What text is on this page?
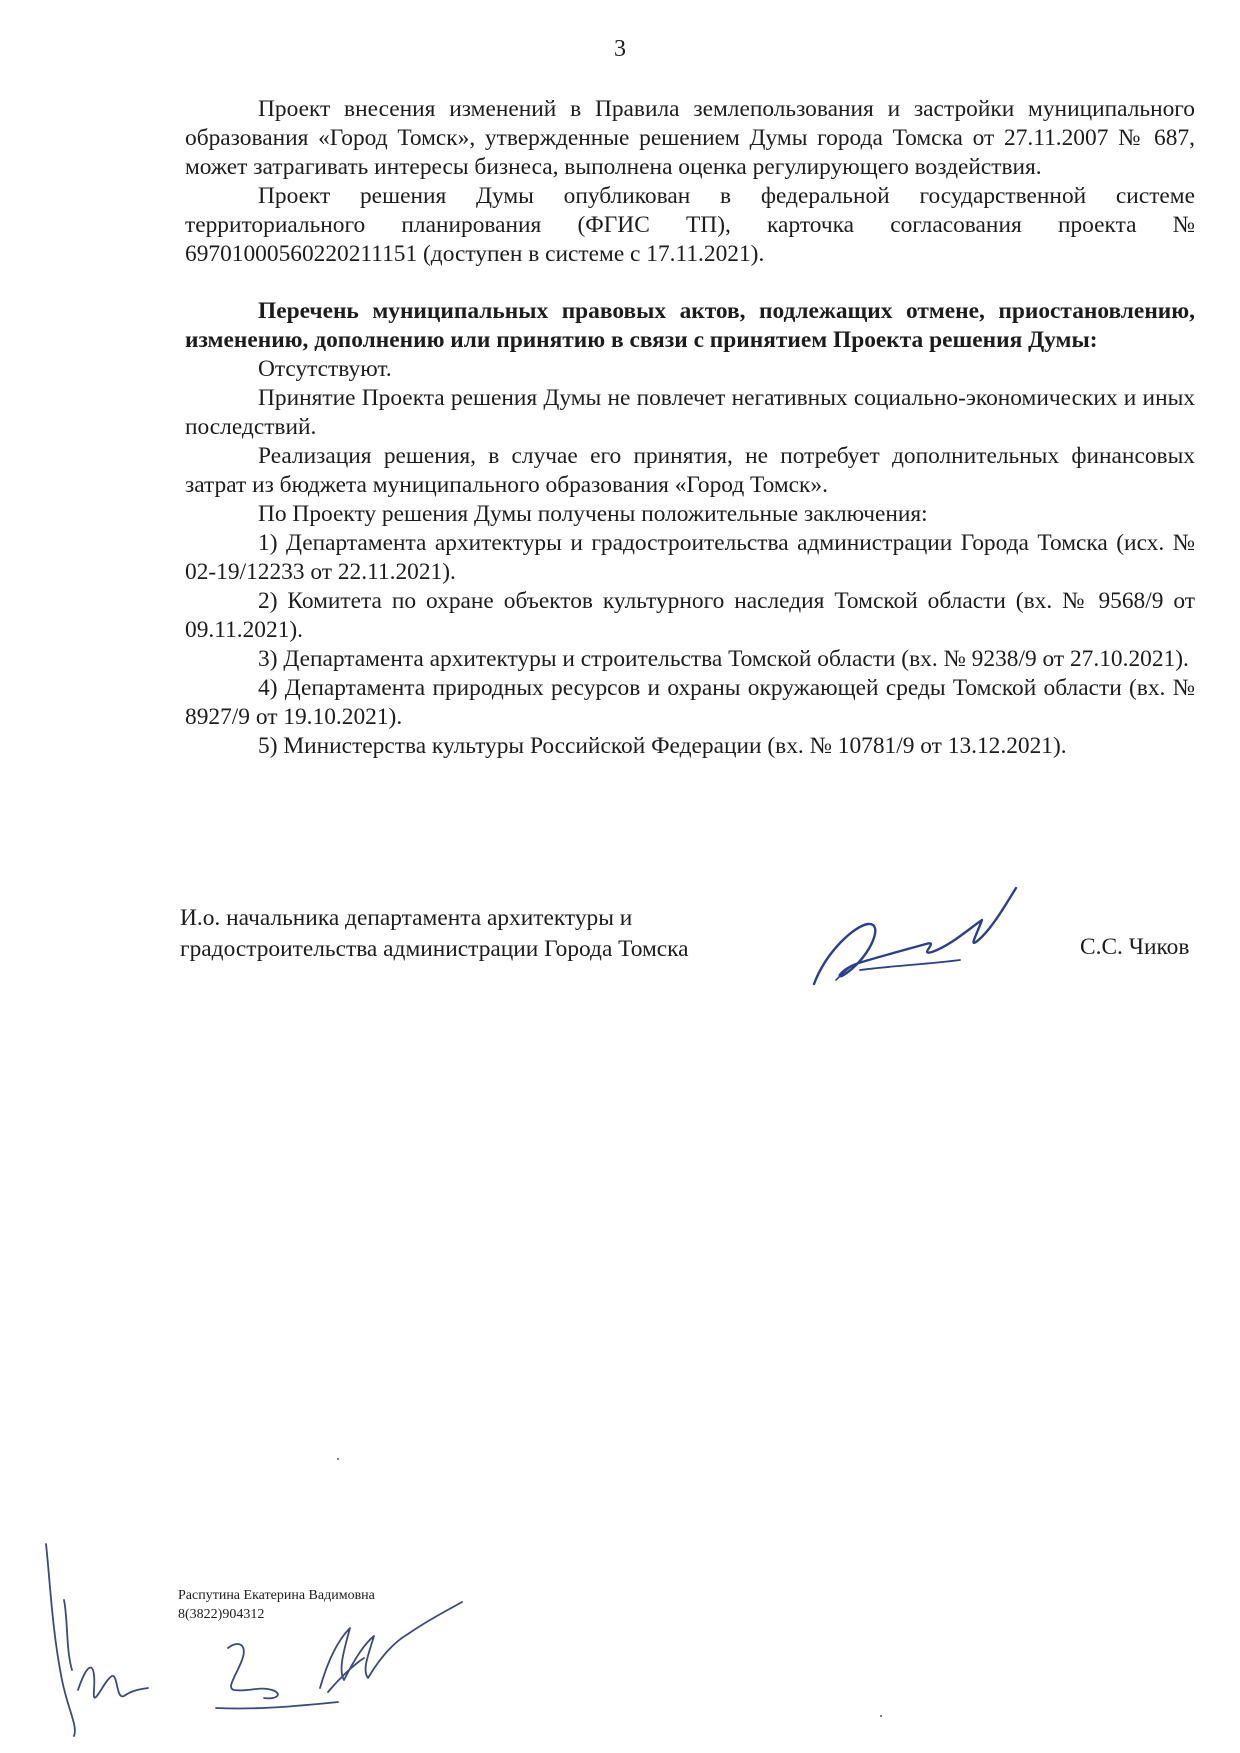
3

Проект внесения изменений в Правила землепользования и застройки муниципального образования «Город Томск», утвержденные решением Думы города Томска от 27.11.2007 № 687, может затрагивать интересы бизнеса, выполнена оценка регулирующего воздействия.

Проект решения Думы опубликован в федеральной государственной системе территориального планирования (ФГИС ТП), карточка согласования проекта № 69701000560220211151 (доступен в системе с 17.11.2021).

Перечень муниципальных правовых актов, подлежащих отмене, приостановлению, изменению, дополнению или принятию в связи с принятием Проекта решения Думы:

Отсутствуют.

Принятие Проекта решения Думы не повлечет негативных социально-экономических и иных последствий.

Реализация решения, в случае его принятия, не потребует дополнительных финансовых затрат из бюджета муниципального образования «Город Томск».

По Проекту решения Думы получены положительные заключения:

1) Департамента архитектуры и градостроительства администрации Города Томска (исх. № 02-19/12233 от 22.11.2021).

2) Комитета по охране объектов культурного наследия Томской области (вх. № 9568/9 от 09.11.2021).

3) Департамента архитектуры и строительства Томской области (вх. № 9238/9 от 27.10.2021).

4) Департамента природных ресурсов и охраны окружающей среды Томской области (вх. № 8927/9 от 19.10.2021).

5) Министерства культуры Российской Федерации (вх. № 10781/9 от 13.12.2021).

И.о. начальника департамента архитектуры и
градостроительства администрации Города Томска	С.С. Чиков
Распутина Екатерина Вадимовна
8(3822)904312
